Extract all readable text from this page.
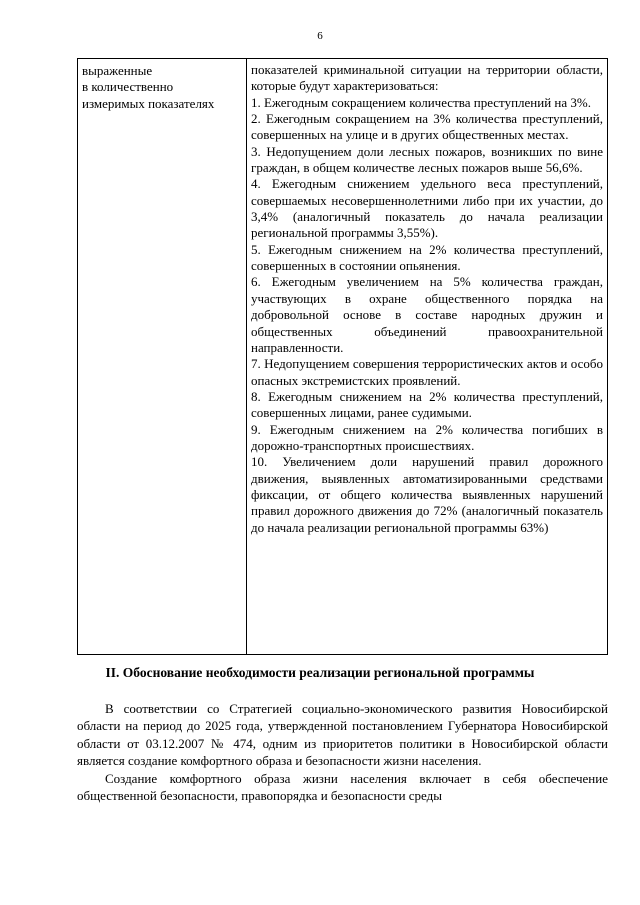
6
выраженные
в количественно
измеримых показателях

показателей криминальной ситуации на территории области, которые будут характеризоваться:

1. Ежегодным сокращением количества преступлений на 3%.

2. Ежегодным сокращением на 3% количества преступлений, совершенных на улице и в других общественных местах.

3. Недопущением доли лесных пожаров, возникших по вине граждан, в общем количестве лесных пожаров выше 56,6%.

4. Ежегодным снижением удельного веса преступлений, совершаемых несовершеннолетними либо при их участии, до 3,4% (аналогичный показатель до начала реализации региональной программы 3,55%).

5. Ежегодным снижением на 2% количества преступлений, совершенных в состоянии опьянения.

6. Ежегодным увеличением на 5% количества граждан, участвующих в охране общественного порядка на добровольной основе в составе народных дружин и общественных объединений правоохранительной направленности.

7. Недопущением совершения террористических актов и особо опасных экстремистских проявлений.

8. Ежегодным снижением на 2% количества преступлений, совершенных лицами, ранее судимыми.

9. Ежегодным снижением на 2% количества погибших в дорожно-транспортных происшествиях.

10. Увеличением доли нарушений правил дорожного движения, выявленных автоматизированными средствами фиксации, от общего количества выявленных нарушений правил дорожного движения до 72% (аналогичный показатель до начала реализации региональной программы 63%)

II. Обоснование необходимости реализации региональной программы

В соответствии со Стратегией социально-экономического развития Новосибирской области на период до 2025 года, утвержденной постановлением Губернатора Новосибирской области от 03.12.2007 № 474, одним из приоритетов политики в Новосибирской области является создание комфортного образа и безопасности жизни населения.

Создание комфортного образа жизни населения включает в себя обеспечение общественной безопасности, правопорядка и безопасности среды
